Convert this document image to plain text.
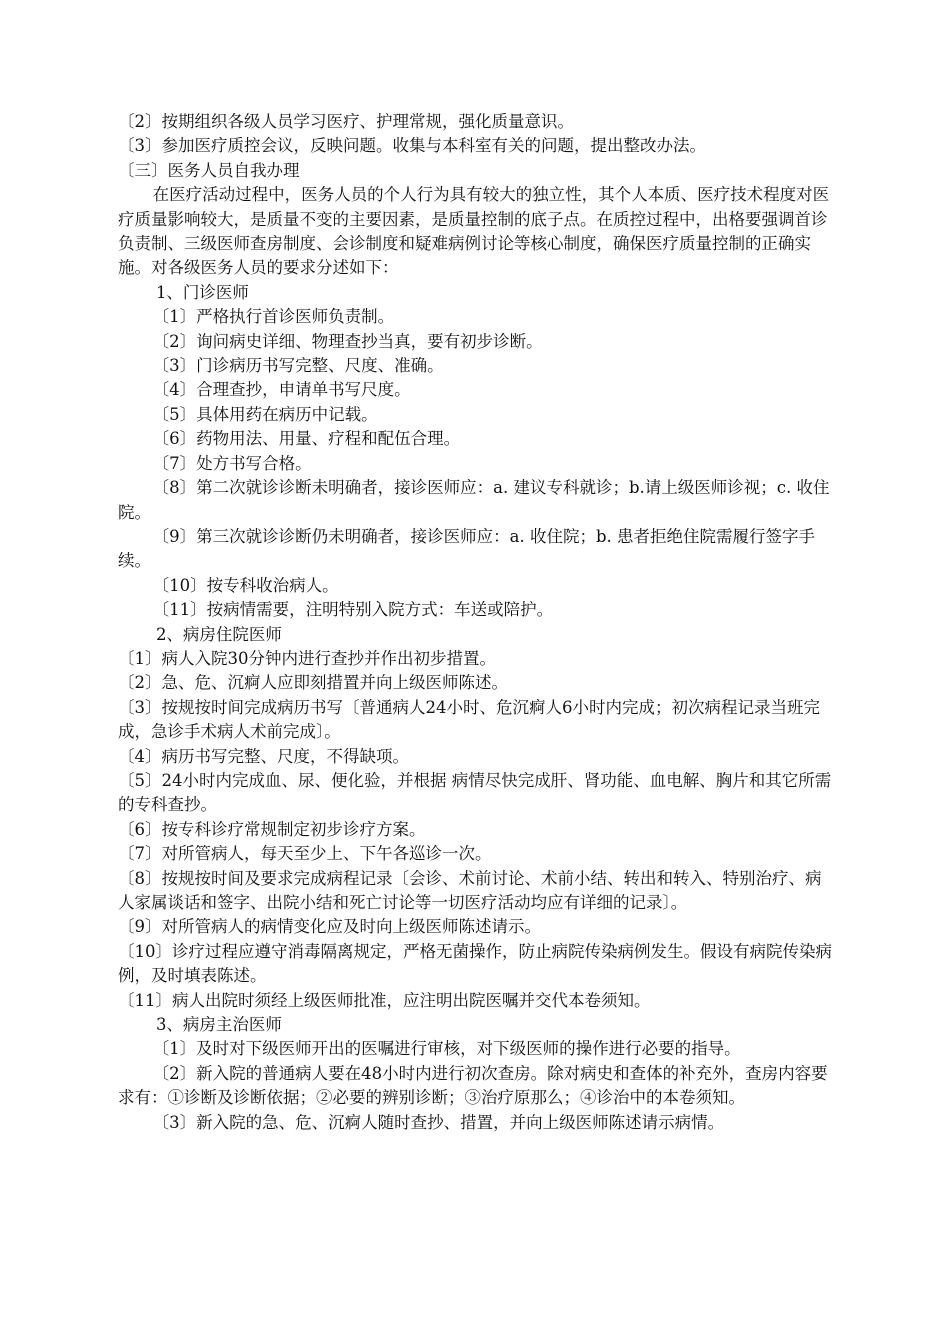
〔2〕按期组织各级人员学习医疗、护理常规，强化质量意识。

〔3〕参加医疗质控会议，反映问题。收集与本科室有关的问题，提出整改办法。

〔三〕医务人员自我办理

在医疗活动过程中，医务人员的个人行为具有较大的独立性，其个人本质、医疗技术程度对医疗质量影响较大，是质量不变的主要因素，是质量控制的底子点。在质控过程中，出格要强调首诊负责制、三级医师查房制度、会诊制度和疑难病例讨论等核心制度，确保医疗质量控制的正确实施。对各级医务人员的要求分述如下：

1、门诊医师

〔1〕严格执行首诊医师负责制。

〔2〕询问病史详细、物理查抄当真，要有初步诊断。

〔3〕门诊病历书写完整、尺度、准确。

〔4〕合理查抄，申请单书写尺度。

〔5〕具体用药在病历中记载。

〔6〕药物用法、用量、疗程和配伍合理。

〔7〕处方书写合格。

〔8〕第二次就诊诊断未明确者，接诊医师应：a. 建议专科就诊；b.请上级医师诊视；c. 收住院。

〔9〕第三次就诊诊断仍未明确者，接诊医师应：a. 收住院；b. 患者拒绝住院需履行签字手续。

〔10〕按专科收治病人。

〔11〕按病情需要，注明特别入院方式：车送或陪护。

2、病房住院医师

〔1〕病人入院30分钟内进行查抄并作出初步措置。

〔2〕急、危、沉痾人应即刻措置并向上级医师陈述。

〔3〕按规按时间完成病历书写〔普通病人24小时、危沉痾人6小时内完成；初次病程记录当班完成，急诊手术病人术前完成〕。

〔4〕病历书写完整、尺度，不得缺项。

〔5〕24小时内完成血、尿、便化验，并根据 病情尽快完成肝、肾功能、血电解、胸片和其它所需的专科查抄。

〔6〕按专科诊疗常规制定初步诊疗方案。

〔7〕对所管病人，每天至少上、下午各巡诊一次。

〔8〕按规按时间及要求完成病程记录〔会诊、术前讨论、术前小结、转出和转入、特别治疗、病人家属谈话和签字、出院小结和死亡讨论等一切医疗活动均应有详细的记录〕。

〔9〕对所管病人的病情变化应及时向上级医师陈述请示。

〔10〕诊疗过程应遵守消毒隔离规定，严格无菌操作，防止病院传染病例发生。假设有病院传染病例，及时填表陈述。

〔11〕病人出院时须经上级医师批准，应注明出院医嘱并交代本卷须知。

3、病房主治医师

〔1〕及时对下级医师开出的医嘱进行审核，对下级医师的操作进行必要的指导。

〔2〕新入院的普通病人要在48小时内进行初次查房。除对病史和查体的补充外，查房内容要求有：①诊断及诊断依据；②必要的辨别诊断；③治疗原那么；④诊治中的本卷须知。

〔3〕新入院的急、危、沉痾人随时查抄、措置，并向上级医师陈述请示病情。
